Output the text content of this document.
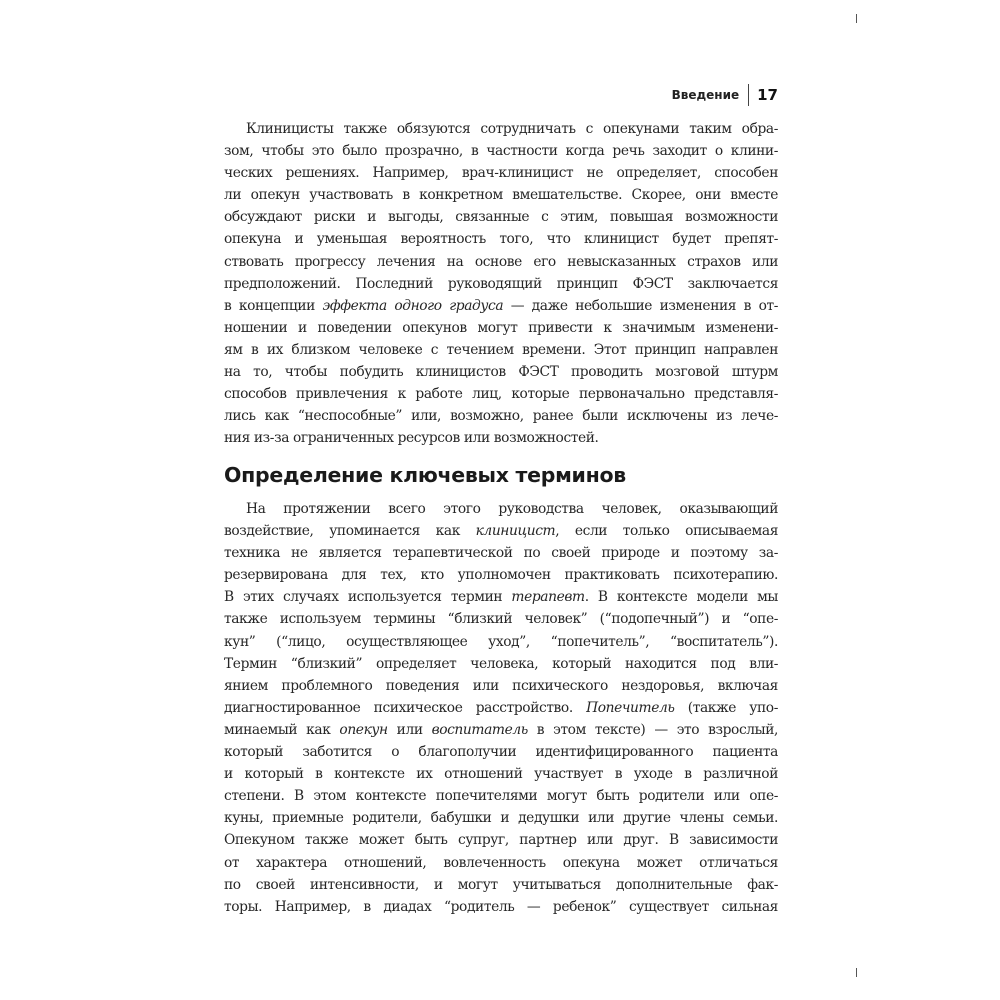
Введение 17
Клиницисты также обязуются сотрудничать с опекунами таким обра-
зом, чтобы это было прозрачно, в частности когда речь заходит о клини-
ческих решениях. Например, врач-клиницист не определяет, способен
ли опекун участвовать в конкретном вмешательстве. Скорее, они вместе
обсуждают риски и выгоды, связанные с этим, повышая возможности
опекуна и уменьшая вероятность того, что клиницист будет препят-
ствовать прогрессу лечения на основе его невысказанных страхов или
предположений. Последний руководящий принцип ФЭСТ заключается
в концепции эффекта одного градуса — даже небольшие изменения в от-
ношении и поведении опекунов могут привести к значимым изменени-
ям в их близком человеке с течением времени. Этот принцип направлен
на то, чтобы побудить клиницистов ФЭСТ проводить мозговой штурм
способов привлечения к работе лиц, которые первоначально представля-
лись как “неспособные” или, возможно, ранее были исключены из лече-
ния из-за ограниченных ресурсов или возможностей.
Определение ключевых терминов
На протяжении всего этого руководства человек, оказывающий
воздействие, упоминается как клиницист, если только описываемая
техника не является терапевтической по своей природе и поэтому за-
резервирована для тех, кто уполномочен практиковать психотерапию.
В этих случаях используется термин терапевт. В контексте модели мы
также используем термины “близкий человек” (“подопечный”) и “опе-
кун” (“лицо, осуществляющее уход”, “попечитель”, “воспитатель”).
Термин “близкий” определяет человека, который находится под вли-
янием проблемного поведения или психического нездоровья, включая
диагностированное психическое расстройство. Попечитель (также упо-
минаемый как опекун или воспитатель в этом тексте) — это взрослый,
который заботится о благополучии идентифицированного пациента
и который в контексте их отношений участвует в уходе в различной
степени. В этом контексте попечителями могут быть родители или опе-
куны, приемные родители, бабушки и дедушки или другие члены семьи.
Опекуном также может быть супруг, партнер или друг. В зависимости
от характера отношений, вовлеченность опекуна может отличаться
по своей интенсивности, и могут учитываться дополнительные фак-
торы. Например, в диадах “родитель — ребенок” существует сильная
